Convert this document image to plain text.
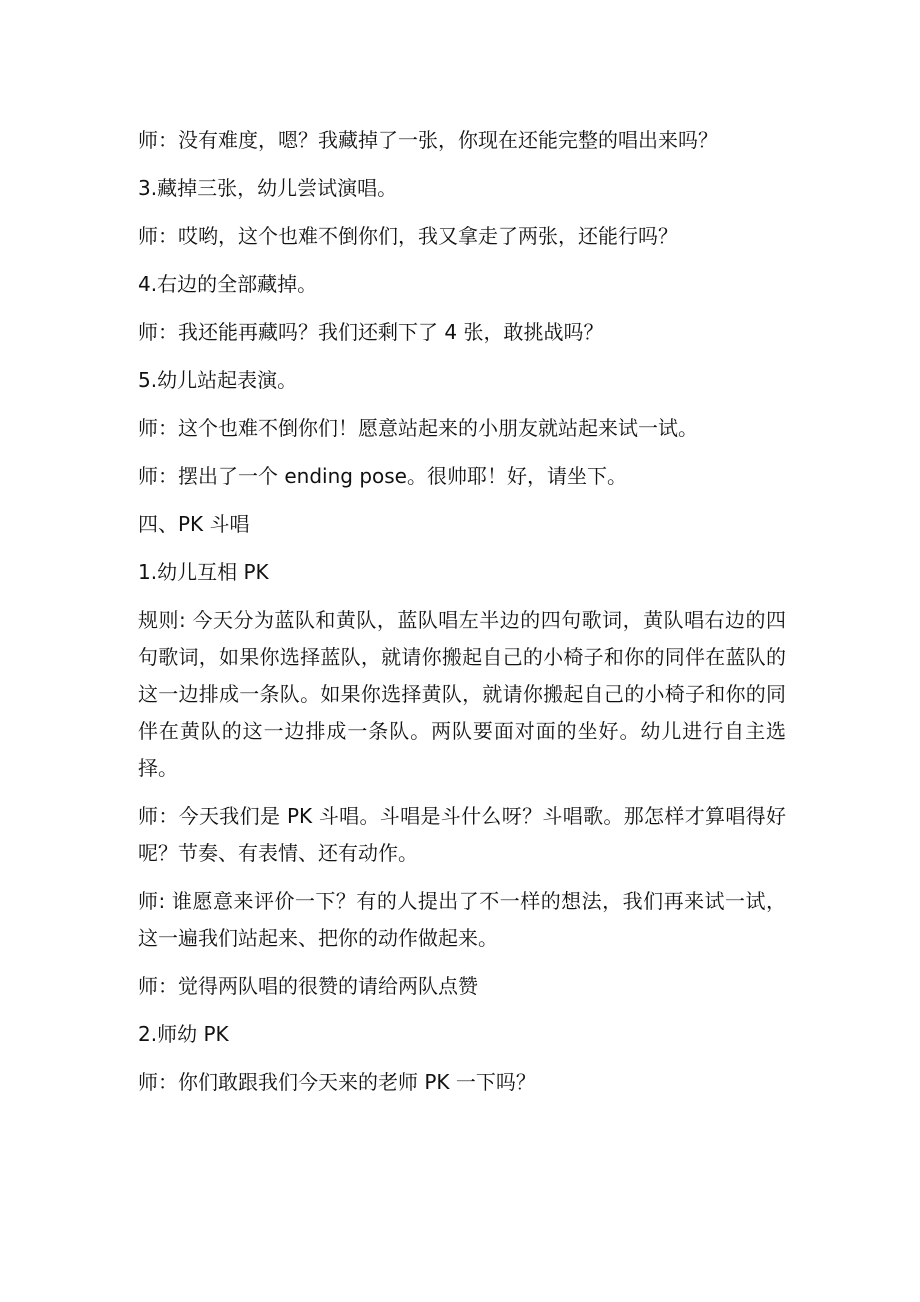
师：没有难度，嗯？我藏掉了一张，你现在还能完整的唱出来吗？

3.藏掉三张，幼儿尝试演唱。

师：哎哟，这个也难不倒你们，我又拿走了两张，还能行吗？

4.右边的全部藏掉。

师：我还能再藏吗？我们还剩下了 4 张，敢挑战吗？

5.幼儿站起表演。

师：这个也难不倒你们！愿意站起来的小朋友就站起来试一试。

师：摆出了一个 ending pose。很帅耶！好，请坐下。

四、PK 斗唱

1.幼儿互相 PK

规则: 今天分为蓝队和黄队，蓝队唱左半边的四句歌词，黄队唱右边的四句歌词，如果你选择蓝队，就请你搬起自己的小椅子和你的同伴在蓝队的这一边排成一条队。如果你选择黄队，就请你搬起自己的小椅子和你的同伴在黄队的这一边排成一条队。两队要面对面的坐好。幼儿进行自主选择。

师：今天我们是 PK 斗唱。斗唱是斗什么呀？斗唱歌。那怎样才算唱得好呢？节奏、有表情、还有动作。

师: 谁愿意来评价一下？有的人提出了不一样的想法，我们再来试一试，这一遍我们站起来、把你的动作做起来。

师：觉得两队唱的很赞的请给两队点赞

2.师幼 PK

师：你们敢跟我们今天来的老师 PK 一下吗？
